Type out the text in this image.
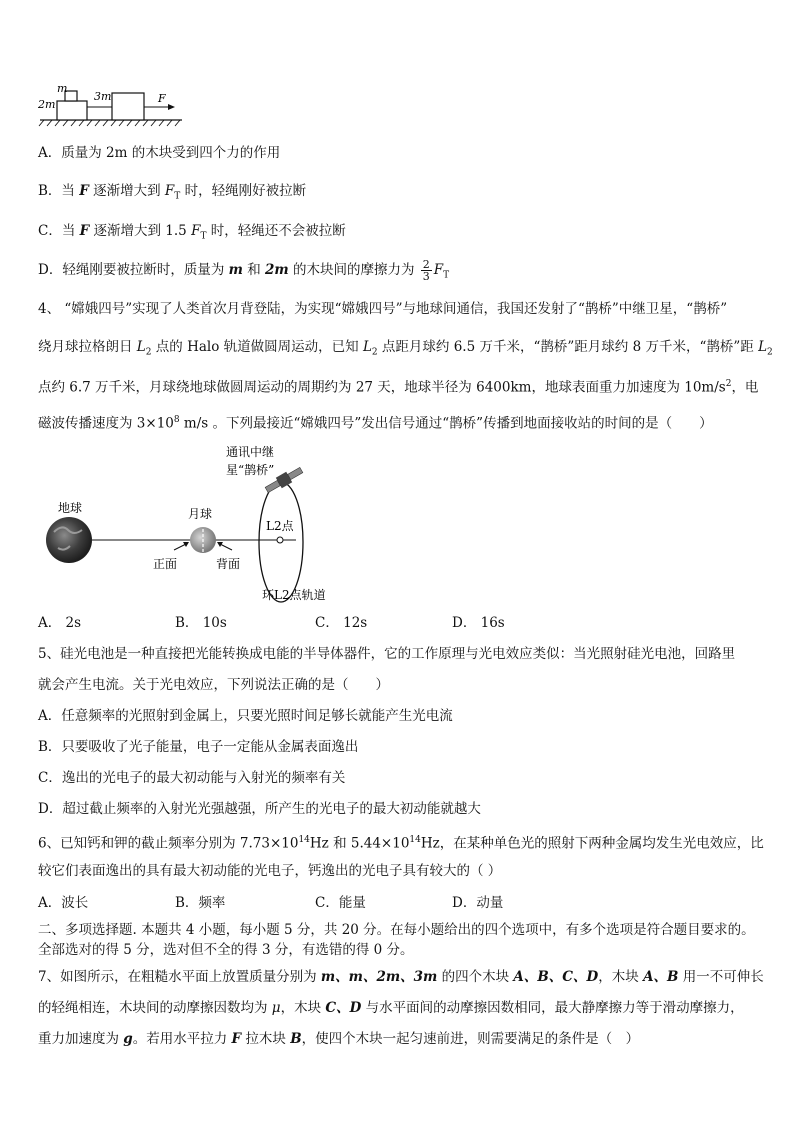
m
2m
3m	F
A．质量为 2m 的木块受到四个力的作用
B．当 F 逐渐增大到 $F_T$ 时，轻绳刚好被拉断
C．当 F 逐渐增大到 1.5 $F_T$ 时，轻绳还不会被拉断
D．轻绳刚要被拉断时，质量为 m 和 2m 的木块间的摩擦力为 $\frac{2}{3} F_T$
4、 “嫦娥四号”实现了人类首次月背登陆，为实现“嫦娥四号”与地球间通信，我国还发射了“鹊桥”中继卫星，“鹊桥”
绕月球拉格朗日 $L_2$ 点的 Halo 轨道做圆周运动，已知 $L_2$ 点距月球约 6.5 万千米，“鹊桥”距月球约 8 万千米，“鹊桥”距 $L_2$
点约 6.7 万千米，月球绕地球做圆周运动的周期约为 27 天，地球半径为 6400km，地球表面重力加速度为 $10m/s^2$，电
磁波传播速度为 $3\times 10^8$ m/s 。下列最接近“嫦娥四号”发出信号通过“鹊桥”传播到地面接收站的时间的是（　　）
地球	月球
通讯中继
星“鹊桥”
L2点
正面	背面
环L2点轨道
A． 2s	B． 10s	C． 12s	D． 16s
5、硅光电池是一种直接把光能转换成电能的半导体器件，它的工作原理与光电效应类似：当光照射硅光电池，回路里
就会产生电流。关于光电效应，下列说法正确的是（　　）
A．任意频率的光照射到金属上，只要光照时间足够长就能产生光电流
B．只要吸收了光子能量，电子一定能从金属表面逸出
C．逸出的光电子的最大初动能与入射光的频率有关
D．超过截止频率的入射光光强越强，所产生的光电子的最大初动能就越大
6、已知钙和钾的截止频率分别为 $7.73\times 10^{14}Hz$ 和 $5.44\times 10^{14}Hz$，在某种单色光的照射下两种金属均发生光电效应，比
较它们表面逸出的具有最大初动能的光电子，钙逸出的光电子具有较大的（ ）
A．波长	B．频率	C．能量	D．动量
二、多项选择题. 本题共 4 小题，每小题 5 分，共 20 分。在每小题给出的四个选项中，有多个选项是符合题目要求的。
全部选对的得 5 分，选对但不全的得 3 分，有选错的得 0 分。
7、如图所示，在粗糙水平面上放置质量分别为 m、m、2m、3m 的四个木块 A、B、C、D，木块 A、B 用一不可伸长
的轻绳相连，木块间的动摩擦因数均为 μ，木块 C、D 与水平面间的动摩擦因数相同，最大静摩擦力等于滑动摩擦力，
重力加速度为 g。若用水平拉力 F 拉木块 B，使四个木块一起匀速前进，则需要满足的条件是（　）
